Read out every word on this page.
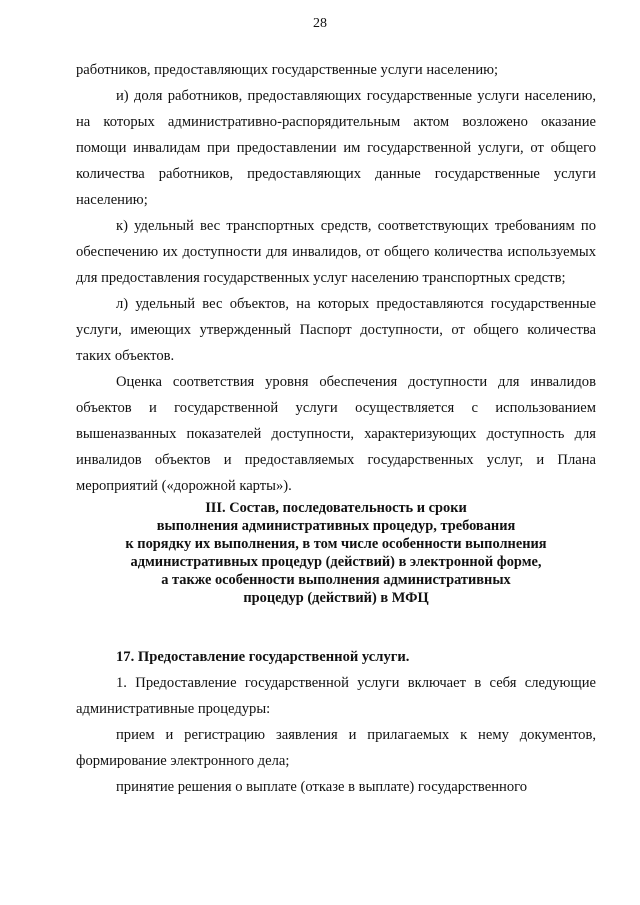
28

работников, предоставляющих государственные услуги населению;

и) доля работников, предоставляющих государственные услуги населению, на которых административно-распорядительным актом возложено оказание помощи инвалидам при предоставлении им государственной услуги, от общего количества работников, предоставляющих данные государственные услуги населению;

к) удельный вес транспортных средств, соответствующих требованиям по обеспечению их доступности для инвалидов, от общего количества используемых для предоставления государственных услуг населению транспортных средств;

л) удельный вес объектов, на которых предоставляются государственные услуги, имеющих утвержденный Паспорт доступности, от общего количества таких объектов.

Оценка соответствия уровня обеспечения доступности для инвалидов объектов и государственной услуги осуществляется с использованием вышеназванных показателей доступности, характеризующих доступность для инвалидов объектов и предоставляемых государственных услуг, и Плана мероприятий («дорожной карты»).

III. Состав, последовательность и сроки
выполнения административных процедур, требования
к порядку их выполнения, в том числе особенности выполнения
административных процедур (действий) в электронной форме,
а также особенности выполнения административных
процедур (действий) в МФЦ

17. Предоставление государственной услуги.

1. Предоставление государственной услуги включает в себя следующие административные процедуры:

прием и регистрацию заявления и прилагаемых к нему документов, формирование электронного дела;

принятие решения о выплате (отказе в выплате) государственного
